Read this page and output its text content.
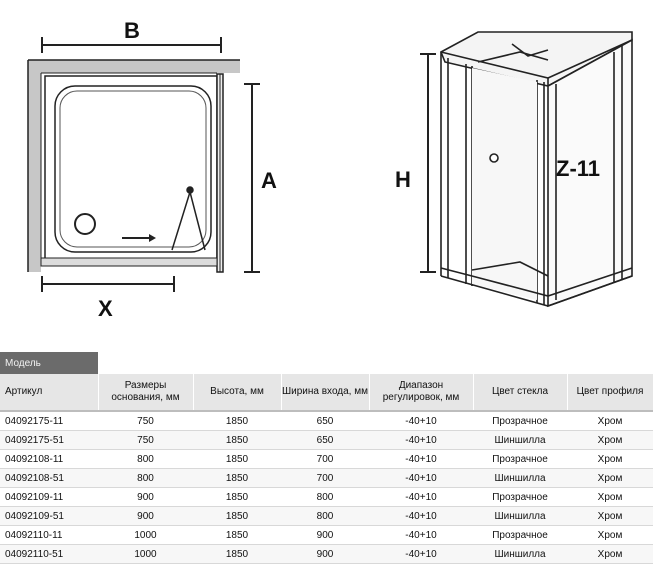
B
A
X
H	Z-11
Модель						
Артикул	Размеры основания, мм	Высота, мм	Ширина входа, мм	Диапазон регулировок, мм	Цвет стекла	Цвет профиля
04092175-11	750	1850	650	-40+10	Прозрачное	Хром
04092175-51	750	1850	650	-40+10	Шиншилла	Хром
04092108-11	800	1850	700	-40+10	Прозрачное	Хром
04092108-51	800	1850	700	-40+10	Шиншилла	Хром
04092109-11	900	1850	800	-40+10	Прозрачное	Хром
04092109-51	900	1850	800	-40+10	Шиншилла	Хром
04092110-11	1000	1850	900	-40+10	Прозрачное	Хром
04092110-51	1000	1850	900	-40+10	Шиншилла	Хром
